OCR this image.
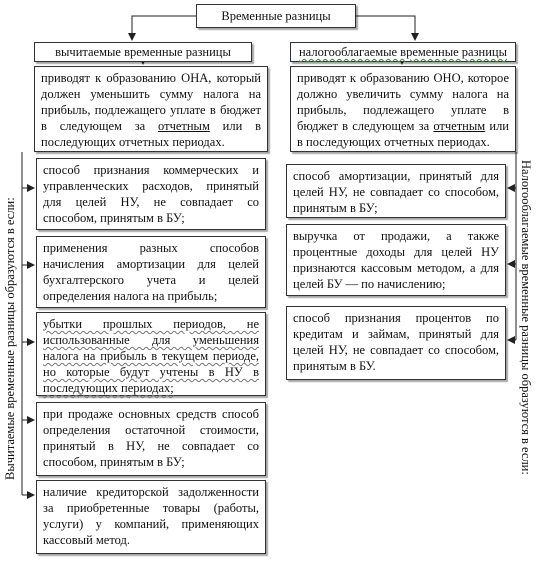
Временные разницы
вычитаемые временные разницы	налогооблагаемые временные разницы
приводят к образованию ОНА, который должен уменьшить сумму налога на прибыль, подлежащего уплате в бюджет в следующем за отчетным или в последующих отчетных периодах.
приводят к образованию ОНО, которое должно увеличить сумму налога на прибыль, подлежащего уплате в бюджет в следующем за отчетным или в последующих отчетных периодах.
способ признания коммерческих и управленческих расходов, принятый для целей НУ, не совпадает со способом, принятым в БУ;
применения разных способов начисления амортизации для целей бухгалтерского учета и целей определения налога на прибыль;
убытки прошлых периодов, не использованные для уменьшения налога на прибыль в текущем периоде, но которые будут учтены в НУ в последующих периодах;
при продаже основных средств способ определения остаточной стоимости, принятый в НУ, не совпадает со способом, принятым в БУ;
наличие кредиторской задолженности за приобретенные товары (работы, услуги) у компаний, применяющих кассовый метод.
способ амортизации, принятый для целей НУ, не совпадает со способом, принятым в БУ;
выручка от продажи, а также процентные доходы для целей НУ признаются кассовым методом, а для целей БУ — по начислению;
способ признания процентов по кредитам и займам, принятый для целей НУ, не совпадает со способом, принятым в БУ.
Вычитаемые временные разницы образуются в если:	Налогооблагаемые временные разницы образуются в если:
